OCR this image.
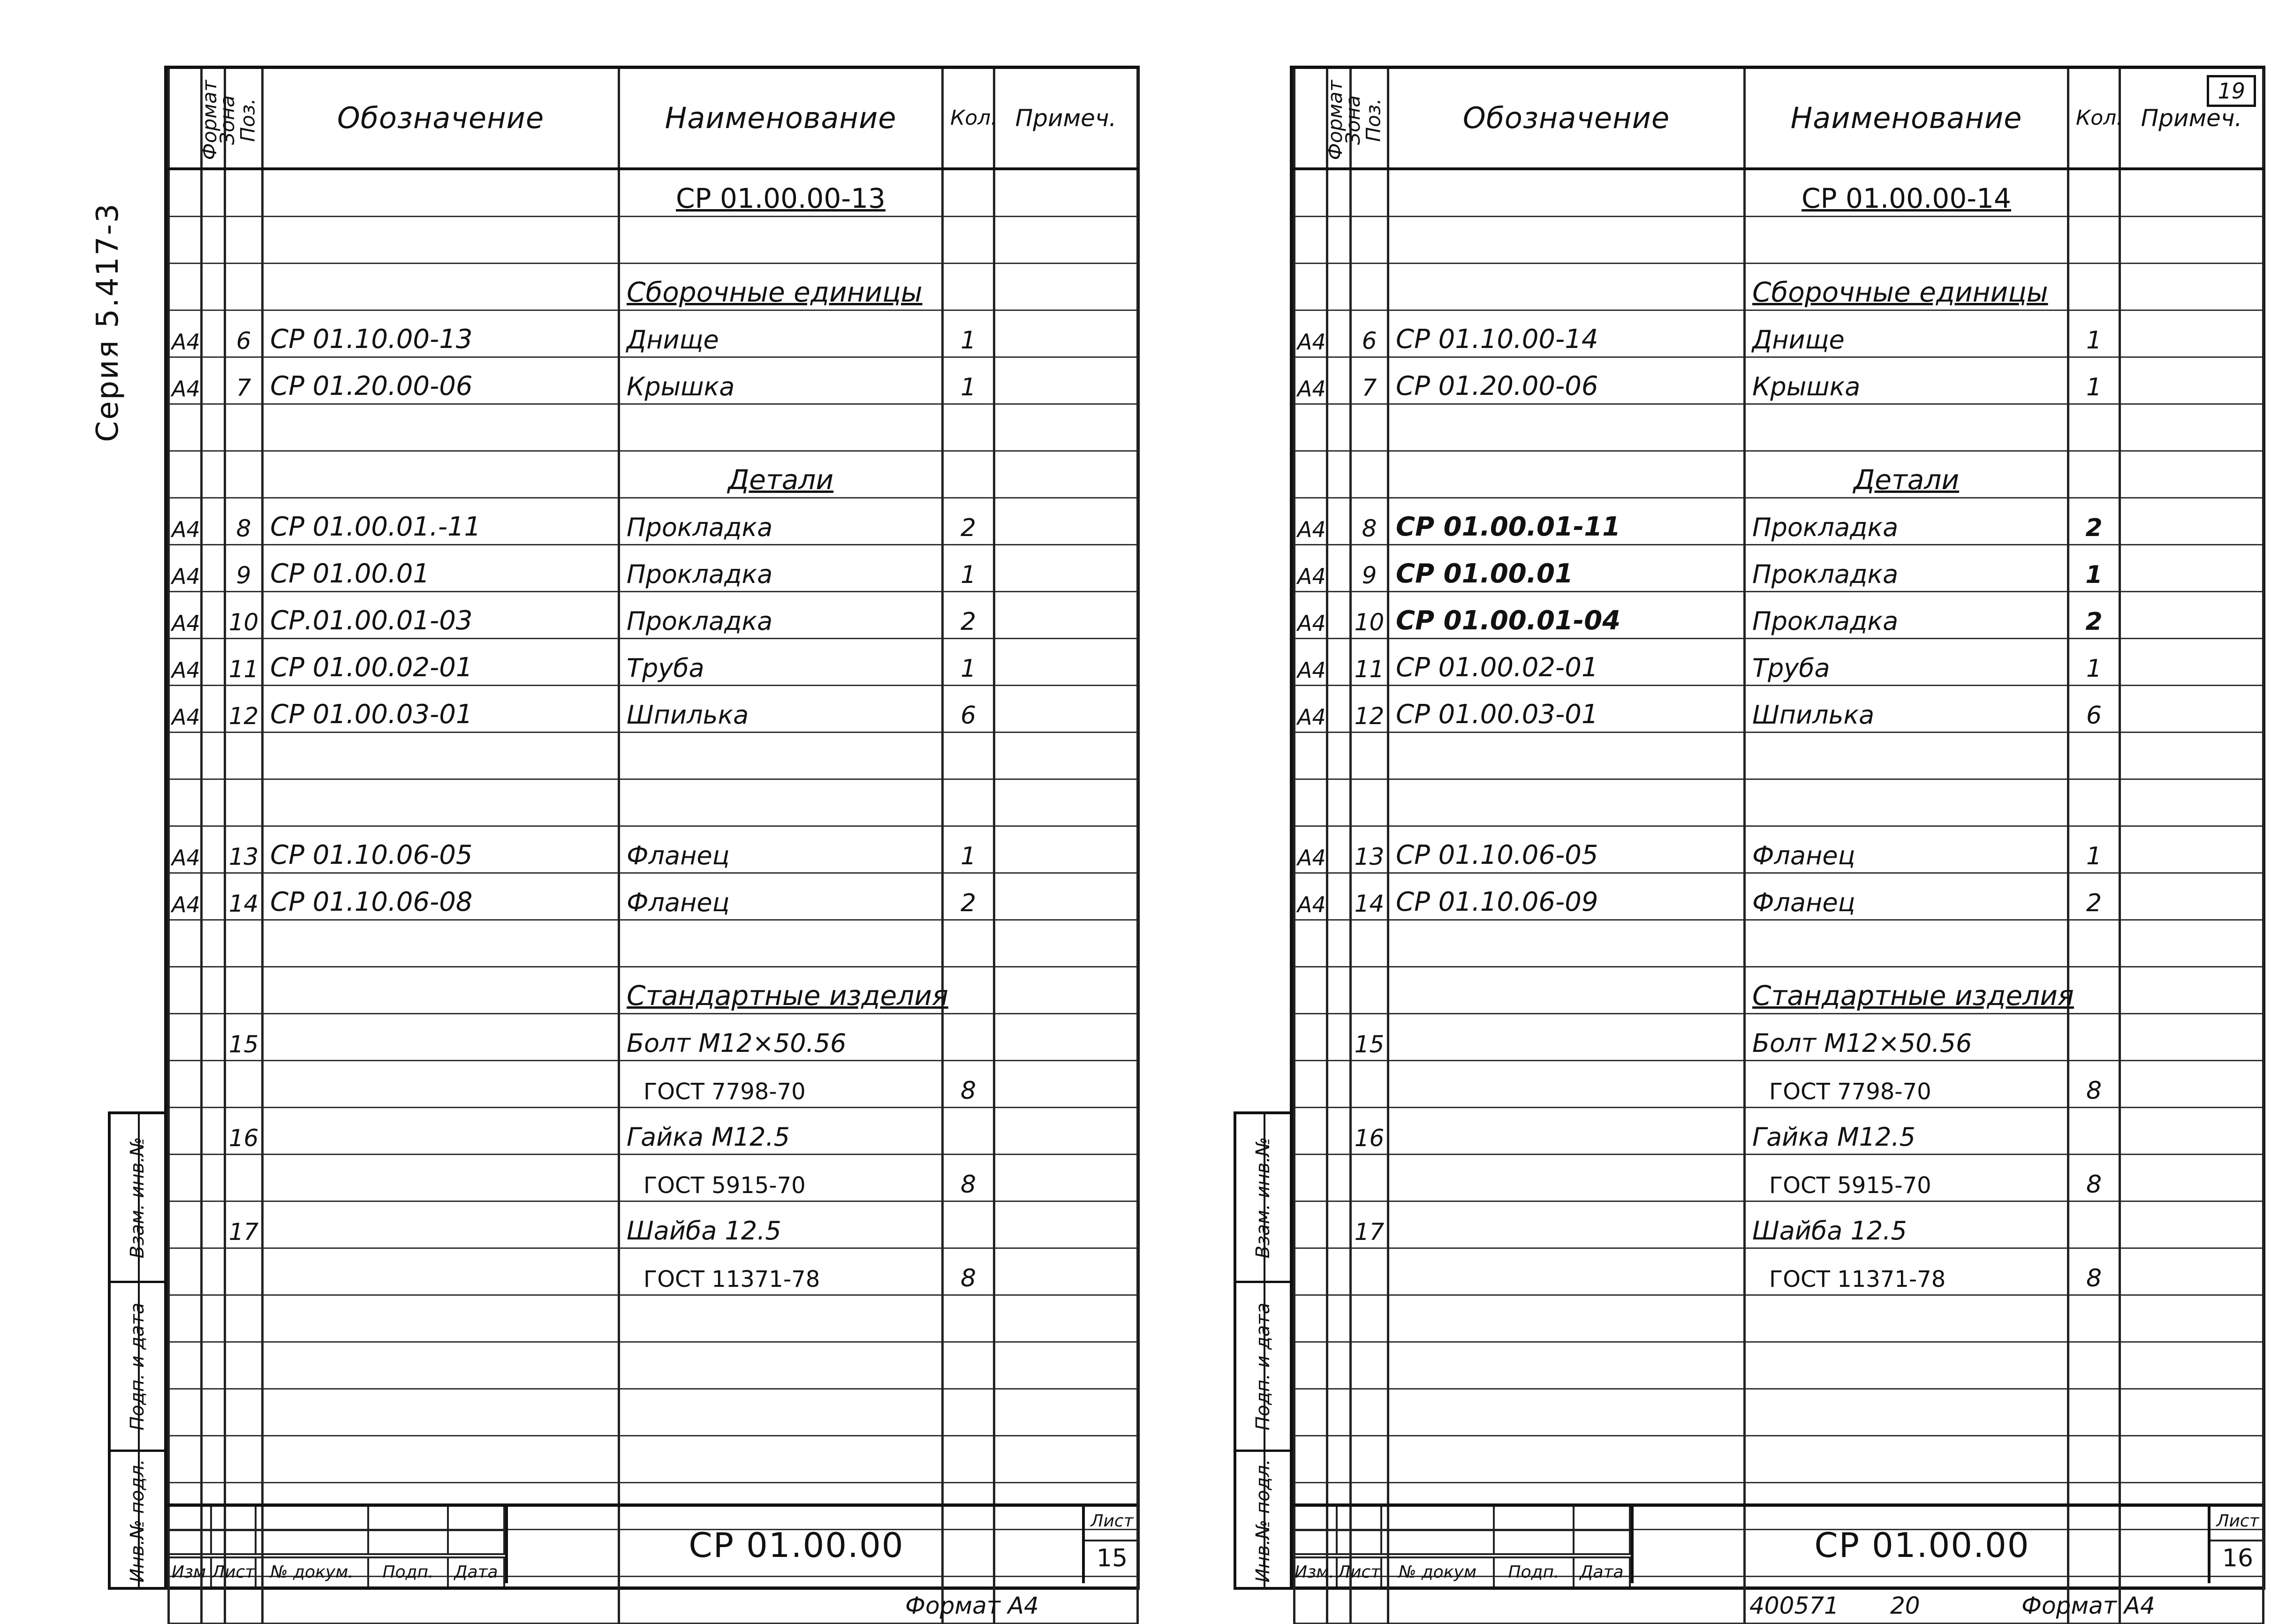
Серия 5.417-3
Взам. инв.№
Подп. и дата
Инв.№ подл.
Формат	Зона	Поз.	Обозначение	Наименование	Кол.	Примеч.
				СР 01.00.00-13		

				Сборочные единицы		
А4		6	СР 01.10.00-13	Днище	1	
А4		7	СР 01.20.00-06	Крышка	1	

				Детали		
А4		8	СР 01.00.01.-11	Прокладка	2	
А4		9	СР 01.00.01	Прокладка	1	
А4		10	СР.01.00.01-03	Прокладка	2	
А4		11	СР 01.00.02-01	Труба	1	
А4		12	СР 01.00.03-01	Шпилька	6	

А4		13	СР 01.10.06-05	Фланец	1	
А4		14	СР 01.10.06-08	Фланец	2	

				Стандартные изделия		
		15		Болт М12×50.56		
				ГОСТ 7798-70	8	
		16		Гайка М12.5		
				ГОСТ 5915-70	8	
		17		Шайба 12.5		
				ГОСТ 11371-78	8	

Изм Лист № докум.	Подп.	Дата
СР 01.00.00
Лист
15
Формат А4
Взам. инв.№
Подп. и дата
Инв.№ подл.
Формат	Зона	Поз.	Обозначение	Наименование	Кол.	Примеч.
				СР 01.00.00-14		

				Сборочные единицы		
А4		6	СР 01.10.00-14	Днище	1	
А4		7	СР 01.20.00-06	Крышка	1	

				Детали		
А4		8	СР 01.00.01-11	Прокладка	2	
А4		9	СР 01.00.01	Прокладка	1	
А4		10	СР 01.00.01-04	Прокладка	2	
А4		11	СР 01.00.02-01	Труба	1	
А4		12	СР 01.00.03-01	Шпилька	6	

А4		13	СР 01.10.06-05	Фланец	1	
А4		14	СР 01.10.06-09	Фланец	2	

				Стандартные изделия		
		15		Болт М12×50.56		
				ГОСТ 7798-70	8	
		16		Гайка М12.5		
				ГОСТ 5915-70	8	
		17		Шайба 12.5		
				ГОСТ 11371-78	8	

Изм. Лист	№ докум	Подп.	Дата
СР 01.00.00
Лист
16
19
400571 20	Формат А4
